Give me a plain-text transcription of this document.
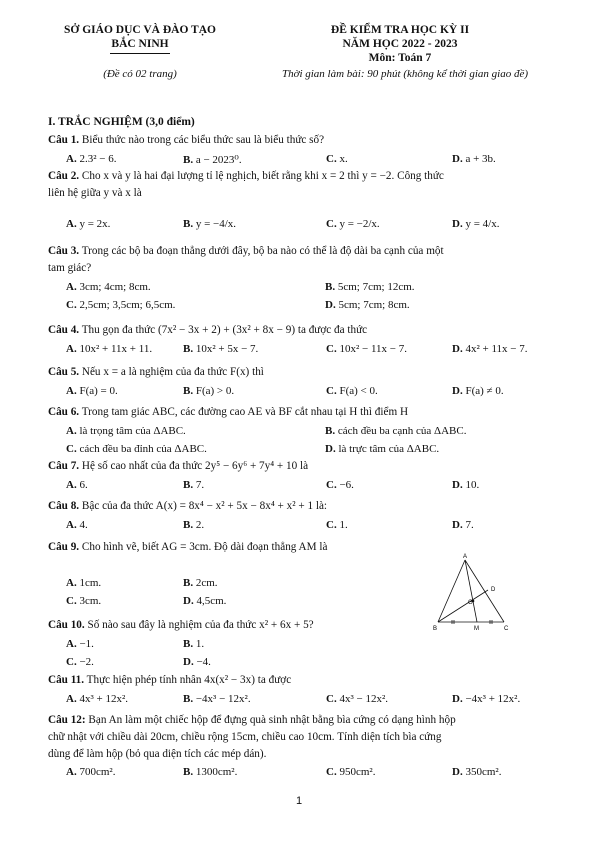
SỞ GIÁO DỤC VÀ ĐÀO TẠO
BẮC NINH
(Đề có 02 trang)
ĐỀ KIỂM TRA HỌC KỲ II
NĂM HỌC 2022 - 2023
Môn: Toán 7
Thời gian làm bài: 90 phút (không kể thời gian giao đề)
I. TRẮC NGHIỆM (3,0 điểm)
Câu 1. Biểu thức nào trong các biểu thức sau là biểu thức số?
A. 2.3² − 6.	B. a − 2023⁰.	C. x.	D. a + 3b.
Câu 2. Cho x và y là hai đại lượng tỉ lệ nghịch, biết rằng khi x = 2 thì y = −2. Công thức
liên hệ giữa y và x là
A. y = 2x.	B. y = −4/x.	C. y = −2/x.	D. y = 4/x.
Câu 3. Trong các bộ ba đoạn thẳng dưới đây, bộ ba nào có thể là độ dài ba cạnh của một
tam giác?
A. 3cm; 4cm; 8cm.	B. 5cm; 7cm; 12cm.
C. 2,5cm; 3,5cm; 6,5cm.	D. 5cm; 7cm; 8cm.
Câu 4. Thu gọn đa thức (7x² − 3x + 2) + (3x² + 8x − 9) ta được đa thức
A. 10x² + 11x + 11.	B. 10x² + 5x − 7.	C. 10x² − 11x − 7.	D. 4x² + 11x − 7.
Câu 5. Nếu x = a là nghiệm của đa thức F(x) thì
A. F(a) = 0.	B. F(a) > 0.	C. F(a) < 0.	D. F(a) ≠ 0.
Câu 6. Trong tam giác ABC, các đường cao AE và BF cắt nhau tại H thì điểm H
A. là trọng tâm của ΔABC.	B. cách đều ba cạnh của ΔABC.
C. cách đều ba đỉnh của ΔABC.	D. là trực tâm của ΔABC.
Câu 7. Hệ số cao nhất của đa thức 2y⁵ − 6y⁶ + 7y⁴ + 10 là
A. 6.	B. 7.	C. −6.	D. 10.
Câu 8. Bậc của đa thức A(x) = 8x⁴ − x² + 5x − 8x⁴ + x² + 1 là:
A. 4.	B. 2.	C. 1.	D. 7.
Câu 9. Cho hình vẽ, biết AG = 3cm. Độ dài đoạn thẳng AM là
A. 1cm.	B. 2cm.
C. 3cm.	D. 4,5cm.
Câu 10. Số nào sau đây là nghiệm của đa thức x² + 6x + 5?
A. −1.	B. 1.
C. −2.	D. −4.
Câu 11. Thực hiện phép tính nhân 4x(x² − 3x) ta được
A. 4x³ + 12x².	B. −4x³ − 12x².	C. 4x³ − 12x².	D. −4x³ + 12x².
Câu 12: Bạn An làm một chiếc hộp để đựng quà sinh nhật bằng bìa cứng có dạng hình hộp
chữ nhật với chiều dài 20cm, chiều rộng 15cm, chiều cao 10cm. Tính diện tích bìa cứng
dùng để làm hộp (bỏ qua diện tích các mép dán).
A. 700cm².	B. 1300cm².	C. 950cm².	D. 350cm².
A
D
G
B	M	C
1
